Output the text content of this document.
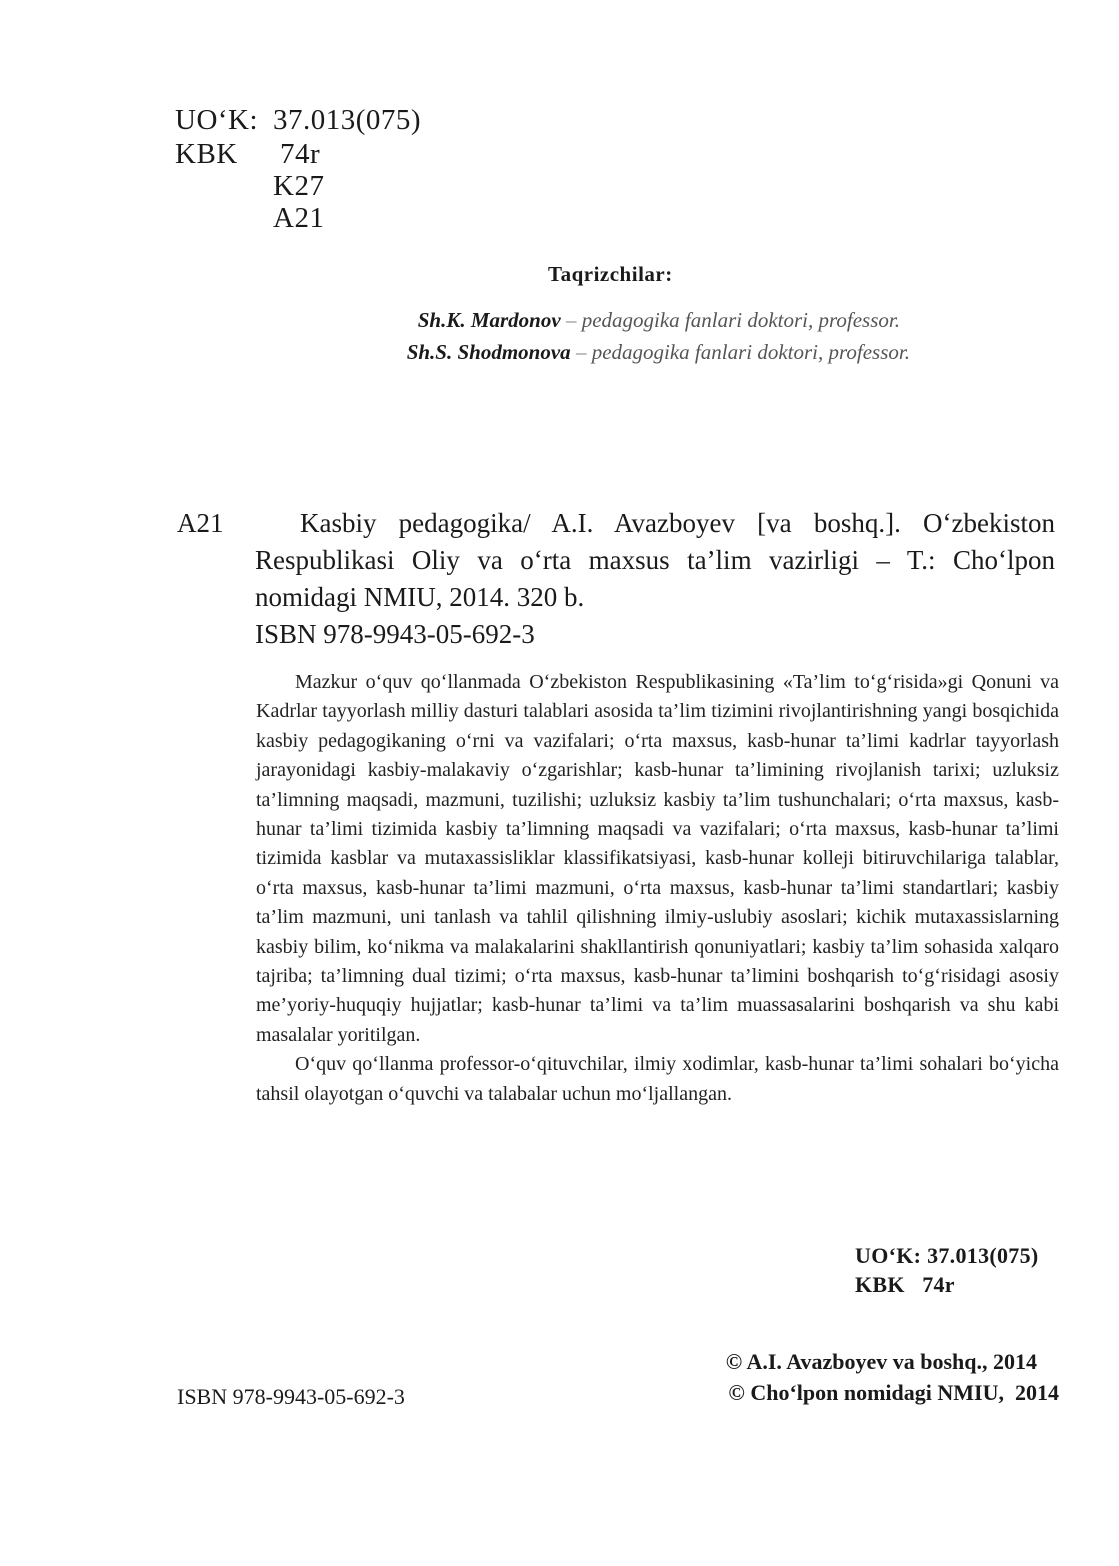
UO‘K: 37.013(075)
KBK 74r
K27
A21
Taqrizchilar:
Sh.K. Mardonov – pedagogika fanlari doktori, professor.
Sh.S. Shodmonova – pedagogika fanlari doktori, professor.
A21	Kasbiy pedagogika/ A.I. Avazboyev [va boshq.]. O‘zbekiston
Respublikasi Oliy va o‘rta maxsus ta’lim vazirligi – T.: Cho‘lpon
nomidagi NMIU, 2014. 320 b.
ISBN 978-9943-05-692-3

Mazkur o‘quv qo‘llanmada O‘zbekiston Respublikasining «Ta’lim to‘g‘risida»gi Qonuni va Kadrlar tayyorlash milliy dasturi talablari asosida ta’lim tizimini rivojlantirishning yangi bosqichida kasbiy pedagogikaning o‘rni va vazifalari; o‘rta maxsus, kasb-hunar ta’limi kadrlar tayyorlash jarayonidagi kasbiy-malakaviy o‘zgarishlar; kasb-hunar ta’limining rivojlanish tarixi; uzluksiz ta’limning maqsadi, mazmuni, tuzilishi; uzluksiz kasbiy ta’lim tushunchalari; o‘rta maxsus, kasb-hunar ta’limi tizimida kasbiy ta’limning maqsadi va vazifalari; o‘rta maxsus, kasb-hunar ta’limi tizimida kasblar va mutaxassisliklar klassifikatsiyasi, kasb-hunar kolleji bitiruvchilariga talablar, o‘rta maxsus, kasb-hunar ta’limi mazmuni, o‘rta maxsus, kasb-hunar ta’limi standartlari; kasbiy ta’lim mazmuni, uni tanlash va tahlil qilishning ilmiy-uslubiy asoslari; kichik mutaxassislarning kasbiy bilim, ko‘nikma va malakalarini shakllantirish qonuniyatlari; kasbiy ta’lim sohasida xalqaro tajriba; ta’limning dual tizimi; o‘rta maxsus, kasb-hunar ta’limini boshqarish to‘g‘risidagi asosiy me’yoriy-huquqiy hujjatlar; kasb-hunar ta’limi va ta’lim muassasalarini boshqarish va shu kabi masalalar yoritilgan.

O‘quv qo‘llanma professor-o‘qituvchilar, ilmiy xodimlar, kasb-hunar ta’limi sohalari bo‘yicha tahsil olayotgan o‘quvchi va talabalar uchun mo‘ljallangan.

UO‘K: 37.013(075)
KBK   74r
ISBN 978-9943-05-692-3
© A.I. Avazboyev va boshq., 2014
© Cho‘lpon nomidagi NMIU,  2014
